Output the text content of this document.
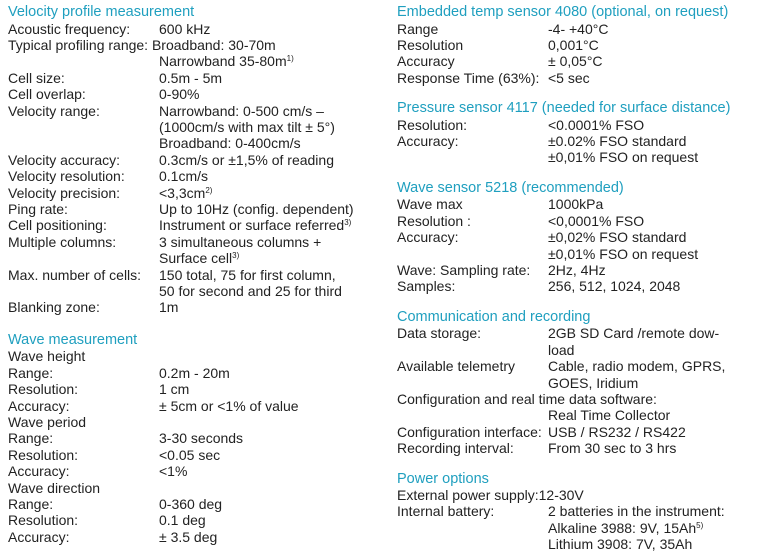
Velocity profile measurement
Acoustic frequency:	600 kHz
Typical profiling range: Broadband: 30-70m
Narrowband $35-80m^{1)}$
Cell size:	0.5m - 5m
Cell overlap:	0-90%
Velocity range:	Narrowband: 0-500 cm/s –
(1000cm/s with max tilt ± 5°)
Broadband: 0-400cm/s
Velocity accuracy:	0.3cm/s or ±1,5% of reading
Velocity resolution:	0.1cm/s
Velocity precision:	$<3,3cm^{2)}$
Ping rate:	Up to 10Hz (config. dependent)
Cell positioning:	Instrument or surface referred$^{3)}$
Multiple columns:	3 simultaneous columns +
Surface cell$^{3)}$
Max. number of cells:	150 total, 75 for first column,
50 for second and 25 for third
Blanking zone:	1m
Wave measurement
Wave height
Range:	0.2m - 20m
Resolution:	1 cm
Accuracy:	± 5cm or <1% of value
Wave period
Range:	3-30 seconds
Resolution:	<0.05 sec
Accuracy:	<1%
Wave direction
Range:	0-360 deg
Resolution:	0.1 deg
Accuracy:	± 3.5 deg
Embedded temp sensor 4080 (optional, on request)
Range	-4- +40°C
Resolution	0,001°C
Accuracy	± 0,05°C
Response Time (63%): <5 sec
Pressure sensor 4117 (needed for surface distance)
Resolution:	<0.0001% FSO
Accuracy:	±0.02% FSO standard
±0,01% FSO on request
Wave sensor 5218 (recommended)
Wave max	1000kPa
Resolution :	<0,0001% FSO
Accuracy:	±0,02% FSO standard
±0,01% FSO on request
Wave: Sampling rate:	2Hz, 4Hz
Samples:	256, 512, 1024, 2048
Communication and recording
Data storage:	2GB SD Card /remote dow-
load
Available telemetry	Cable, radio modem, GPRS,
GOES, Iridium
Configuration and real time data software:
Real Time Collector
Configuration interface: USB / RS232 / RS422
Recording interval:	From 30 sec to 3 hrs
Power options
External power supply:12-30V
Internal battery:	2 batteries in the instrument:
Alkaline 3988: 9V, 15Ah$^{5)}$
Lithium 3908: 7V, 35Ah
